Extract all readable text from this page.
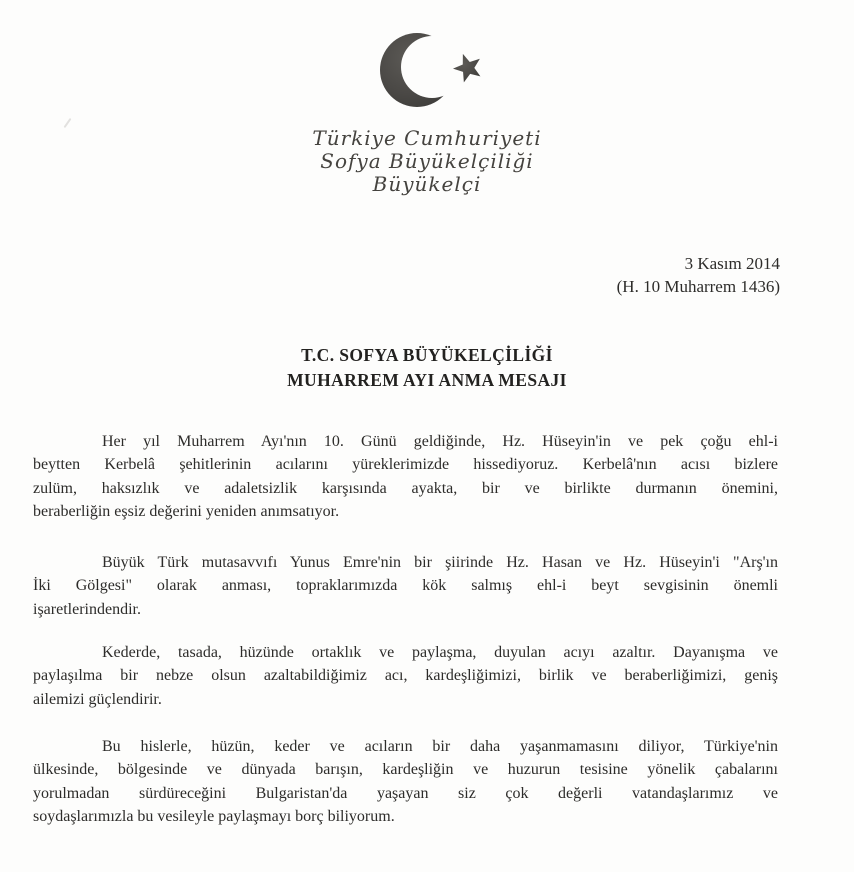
Türkiye Cumhuriyeti
Sofya Büyükelçiliği
Büyükelçi
3 Kasım 2014
(H. 10 Muharrem 1436)
T.C. SOFYA BÜYÜKELÇİLİĞİ
MUHARREM AYI ANMA MESAJI
Her yıl Muharrem Ayı'nın 10. Günü geldiğinde, Hz. Hüseyin'in ve pek çoğu ehl-i
beytten Kerbelâ şehitlerinin acılarını yüreklerimizde hissediyoruz. Kerbelâ'nın acısı bizlere
zulüm, haksızlık ve adaletsizlik karşısında ayakta, bir ve birlikte durmanın önemini,
beraberliğin eşsiz değerini yeniden anımsatıyor.
Büyük Türk mutasavvıfı Yunus Emre'nin bir şiirinde Hz. Hasan ve Hz. Hüseyin'i "Arş'ın
İki Gölgesi" olarak anması, topraklarımızda kök salmış ehl-i beyt sevgisinin önemli
işaretlerindendir.
Kederde, tasada, hüzünde ortaklık ve paylaşma, duyulan acıyı azaltır. Dayanışma ve
paylaşılma bir nebze olsun azaltabildiğimiz acı, kardeşliğimizi, birlik ve beraberliğimizi, geniş
ailemizi güçlendirir.
Bu hislerle, hüzün, keder ve acıların bir daha yaşanmamasını diliyor, Türkiye'nin
ülkesinde, bölgesinde ve dünyada barışın, kardeşliğin ve huzurun tesisine yönelik çabalarını
yorulmadan sürdüreceğini Bulgaristan'da yaşayan siz çok değerli vatandaşlarımız ve
soydaşlarımızla bu vesileyle paylaşmayı borç biliyorum.
